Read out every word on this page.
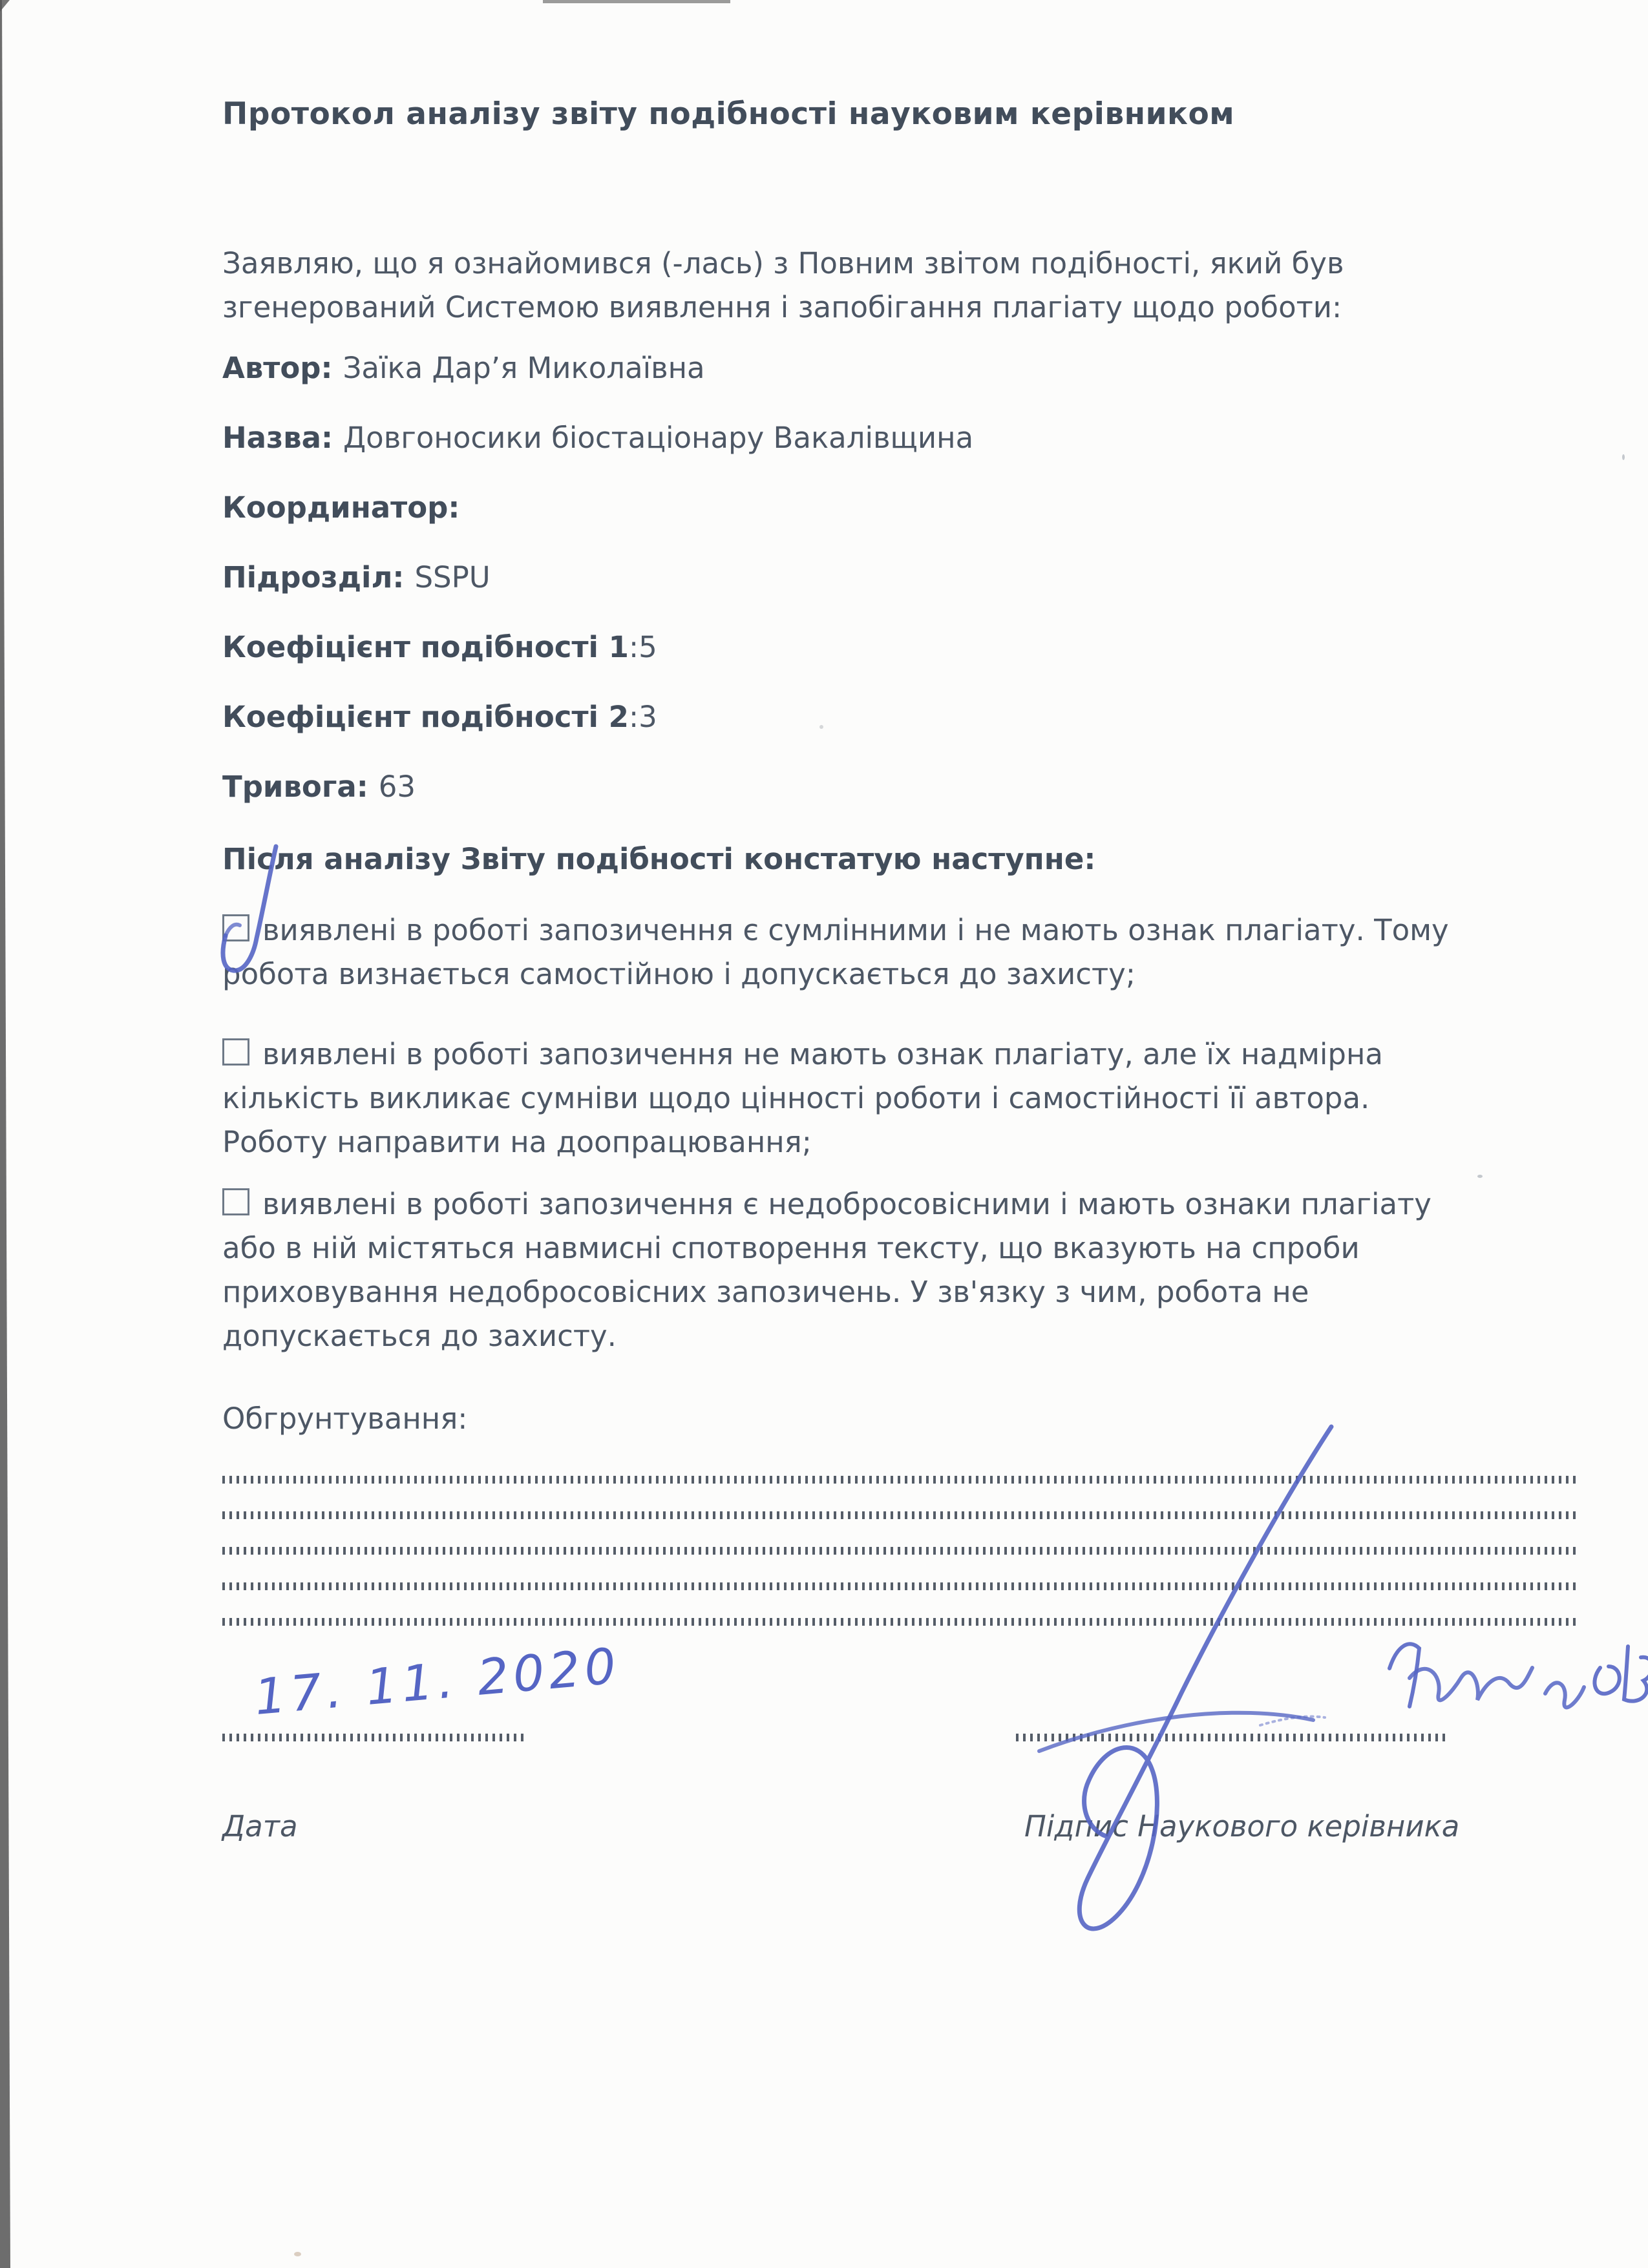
Протокол аналізу звіту подібності науковим керівником
Заявляю, що я ознайомився (-лась) з Повним звітом подібності, який був
згенерований Системою виявлення і запобігання плагіату щодо роботи:
Автор: Заїка Дар’я Миколаївна
Назва: Довгоносики біостаціонару Вакалівщина
Координатор:
Підрозділ: SSPU
Коефіцієнт подібності 1:5
Коефіцієнт подібності 2:3
Тривога: 63
Після аналізу Звіту подібності констатую наступне:
виявлені в роботі запозичення є сумлінними і не мають ознак плагіату. Тому
робота визнається самостійною і допускається до захисту;
виявлені в роботі запозичення не мають ознак плагіату, але їх надмірна
кількість викликає сумніви щодо цінності роботи і самостійності її автора.
Роботу направити на доопрацювання;
виявлені в роботі запозичення є недобросовісними і мають ознаки плагіату
або в ній містяться навмисні спотворення тексту, що вказують на спроби
приховування недобросовісних запозичень. У зв'язку з чим, робота не
допускається до захисту.
Обгрунтування:
Дата	Підпис Наукового керівника
17. 11. 2020
